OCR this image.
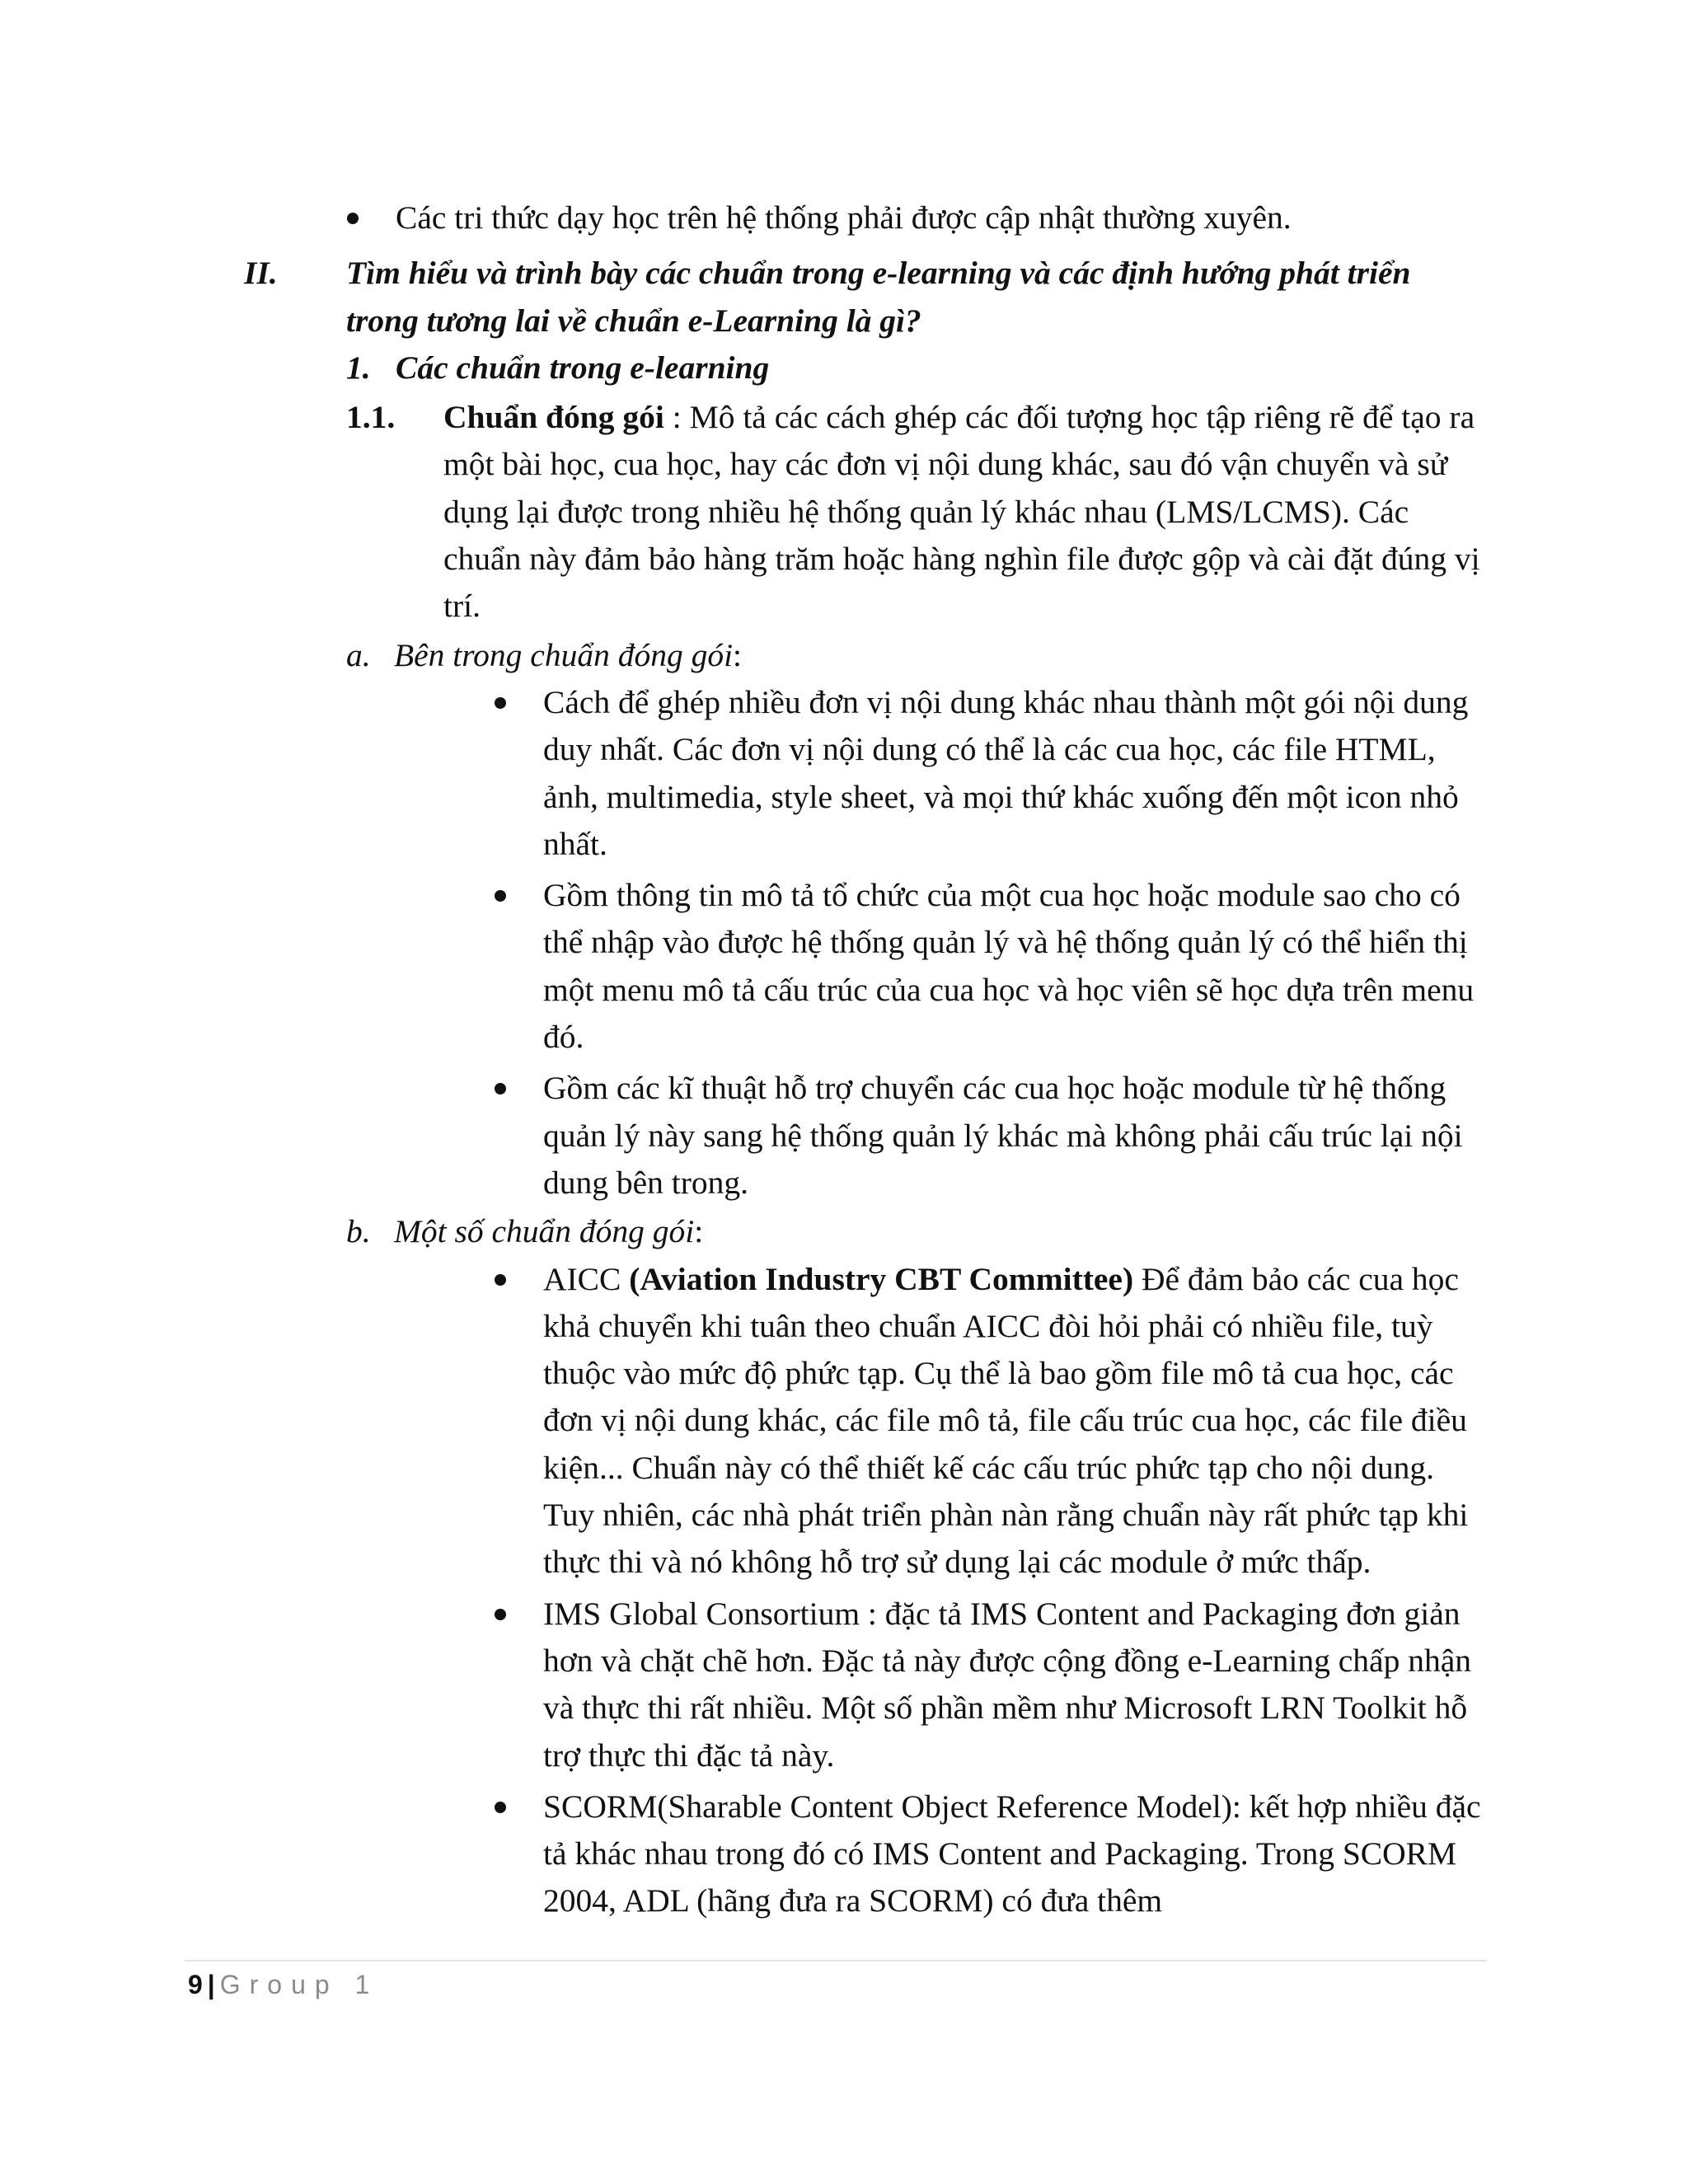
Các tri thức dạy học trên hệ thống phải được cập nhật thường xuyên.
II. Tìm hiểu và trình bày các chuẩn trong e-learning và các định hướng phát triển trong tương lai về chuẩn e-Learning là gì?
1. Các chuẩn trong e-learning
1.1. Chuẩn đóng gói : Mô tả các cách ghép các đối tượng học tập riêng rẽ để tạo ra một bài học, cua học, hay các đơn vị nội dung khác, sau đó vận chuyển và sử dụng lại được trong nhiều hệ thống quản lý khác nhau (LMS/LCMS). Các chuẩn này đảm bảo hàng trăm hoặc hàng nghìn file được gộp và cài đặt đúng vị trí.
a. Bên trong chuẩn đóng gói:
Cách để ghép nhiều đơn vị nội dung khác nhau thành một gói nội dung duy nhất. Các đơn vị nội dung có thể là các cua học, các file HTML, ảnh, multimedia, style sheet, và mọi thứ khác xuống đến một icon nhỏ nhất.
Gồm thông tin mô tả tổ chức của một cua học hoặc module sao cho có thể nhập vào được hệ thống quản lý và hệ thống quản lý có thể hiển thị một menu mô tả cấu trúc của cua học và học viên sẽ học dựa trên menu đó.
Gồm các kĩ thuật hỗ trợ chuyển các cua học hoặc module từ hệ thống quản lý này sang hệ thống quản lý khác mà không phải cấu trúc lại nội dung bên trong.
b. Một số chuẩn đóng gói:
AICC (Aviation Industry CBT Committee) Để đảm bảo các cua học khả chuyển khi tuân theo chuẩn AICC đòi hỏi phải có nhiều file, tuỳ thuộc vào mức độ phức tạp. Cụ thể là bao gồm file mô tả cua học, các đơn vị nội dung khác, các file mô tả, file cấu trúc cua học, các file điều kiện... Chuẩn này có thể thiết kế các cấu trúc phức tạp cho nội dung. Tuy nhiên, các nhà phát triển phàn nàn rằng chuẩn này rất phức tạp khi thực thi và nó không hỗ trợ sử dụng lại các module ở mức thấp.
IMS Global Consortium : đặc tả IMS Content and Packaging đơn giản hơn và chặt chẽ hơn. Đặc tả này được cộng đồng e-Learning chấp nhận và thực thi rất nhiều. Một số phần mềm như Microsoft LRN Toolkit hỗ trợ thực thi đặc tả này.
SCORM(Sharable Content Object Reference Model): kết hợp nhiều đặc tả khác nhau trong đó có IMS Content and Packaging. Trong SCORM 2004, ADL (hãng đưa ra SCORM) có đưa thêm
9 | Group 1
